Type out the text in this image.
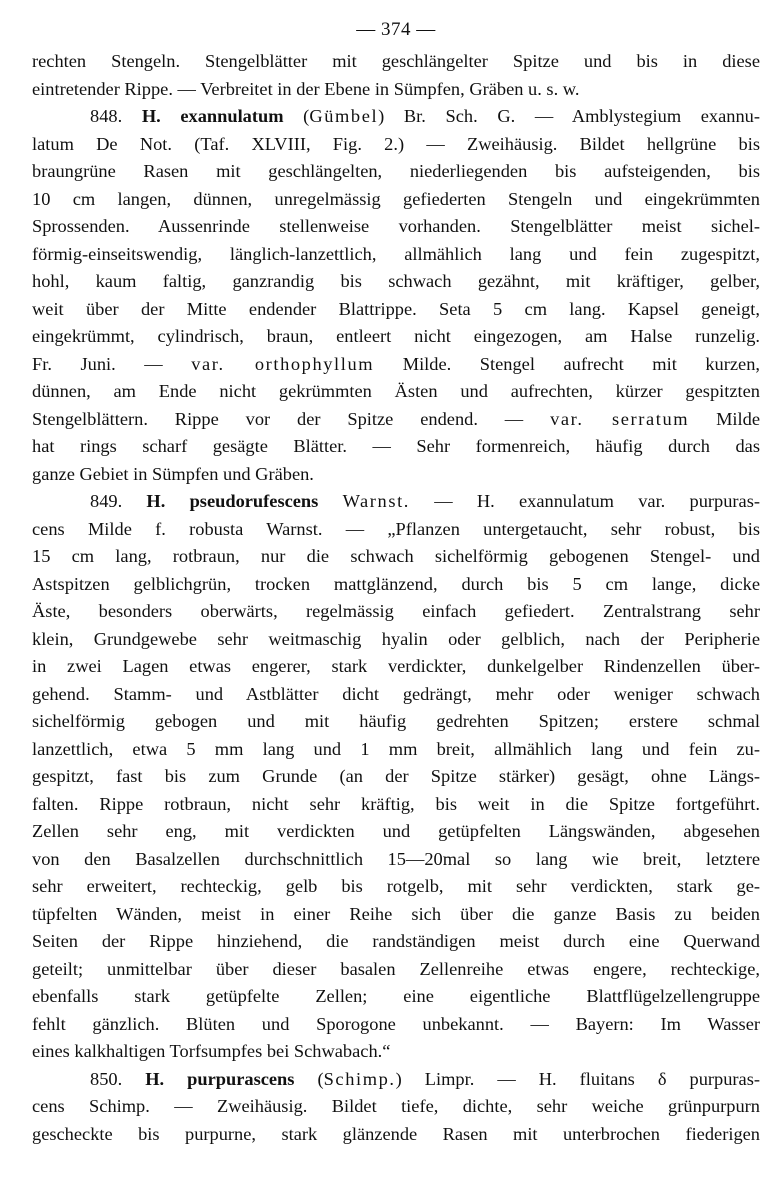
— 374 —
rechten Stengeln. Stengelblätter mit geschlängelter Spitze und bis in diese
eintretender Rippe. — Verbreitet in der Ebene in Sümpfen, Gräben u. s. w.
848. H. exannulatum (Gümbel) Br. Sch. G. — Amblystegium exannu-
latum De Not. (Taf. XLVIII, Fig. 2.) — Zweihäusig. Bildet hellgrüne bis
braungrüne Rasen mit geschlängelten, niederliegenden bis aufsteigenden, bis
10 cm langen, dünnen, unregelmässig gefiederten Stengeln und eingekrümmten
Sprossenden. Aussenrinde stellenweise vorhanden. Stengelblätter meist sichel-
förmig-einseitswendig, länglich-lanzettlich, allmählich lang und fein zugespitzt,
hohl, kaum faltig, ganzrandig bis schwach gezähnt, mit kräftiger, gelber,
weit über der Mitte endender Blattrippe. Seta 5 cm lang. Kapsel geneigt,
eingekrümmt, cylindrisch, braun, entleert nicht eingezogen, am Halse runzelig.
Fr. Juni. — var. orthophyllum Milde. Stengel aufrecht mit kurzen,
dünnen, am Ende nicht gekrümmten Ästen und aufrechten, kürzer gespitzten
Stengelblättern. Rippe vor der Spitze endend. — var. serratum Milde
hat rings scharf gesägte Blätter. — Sehr formenreich, häufig durch das
ganze Gebiet in Sümpfen und Gräben.
849. H. pseudorufescens Warnst. — H. exannulatum var. purpuras-
cens Milde f. robusta Warnst. — „Pflanzen untergetaucht, sehr robust, bis
15 cm lang, rotbraun, nur die schwach sichelförmig gebogenen Stengel- und
Astspitzen gelblichgrün, trocken mattglänzend, durch bis 5 cm lange, dicke
Äste, besonders oberwärts, regelmässig einfach gefiedert. Zentralstrang sehr
klein, Grundgewebe sehr weitmaschig hyalin oder gelblich, nach der Peripherie
in zwei Lagen etwas engerer, stark verdickter, dunkelgelber Rindenzellen über-
gehend. Stamm- und Astblätter dicht gedrängt, mehr oder weniger schwach
sichelförmig gebogen und mit häufig gedrehten Spitzen; erstere schmal
lanzettlich, etwa 5 mm lang und 1 mm breit, allmählich lang und fein zu-
gespitzt, fast bis zum Grunde (an der Spitze stärker) gesägt, ohne Längs-
falten. Rippe rotbraun, nicht sehr kräftig, bis weit in die Spitze fortgeführt.
Zellen sehr eng, mit verdickten und getüpfelten Längswänden, abgesehen
von den Basalzellen durchschnittlich 15—20mal so lang wie breit, letztere
sehr erweitert, rechteckig, gelb bis rotgelb, mit sehr verdickten, stark ge-
tüpfelten Wänden, meist in einer Reihe sich über die ganze Basis zu beiden
Seiten der Rippe hinziehend, die randständigen meist durch eine Querwand
geteilt; unmittelbar über dieser basalen Zellenreihe etwas engere, rechteckige,
ebenfalls stark getüpfelte Zellen; eine eigentliche Blattflügelzellengruppe
fehlt gänzlich. Blüten und Sporogone unbekannt. — Bayern: Im Wasser
eines kalkhaltigen Torfsumpfes bei Schwabach.“
850. H. purpurascens (Schimp.) Limpr. — H. fluitans δ purpuras-
cens Schimp. — Zweihäusig. Bildet tiefe, dichte, sehr weiche grünpurpurn
gescheckte bis purpurne, stark glänzende Rasen mit unterbrochen fiederigen
